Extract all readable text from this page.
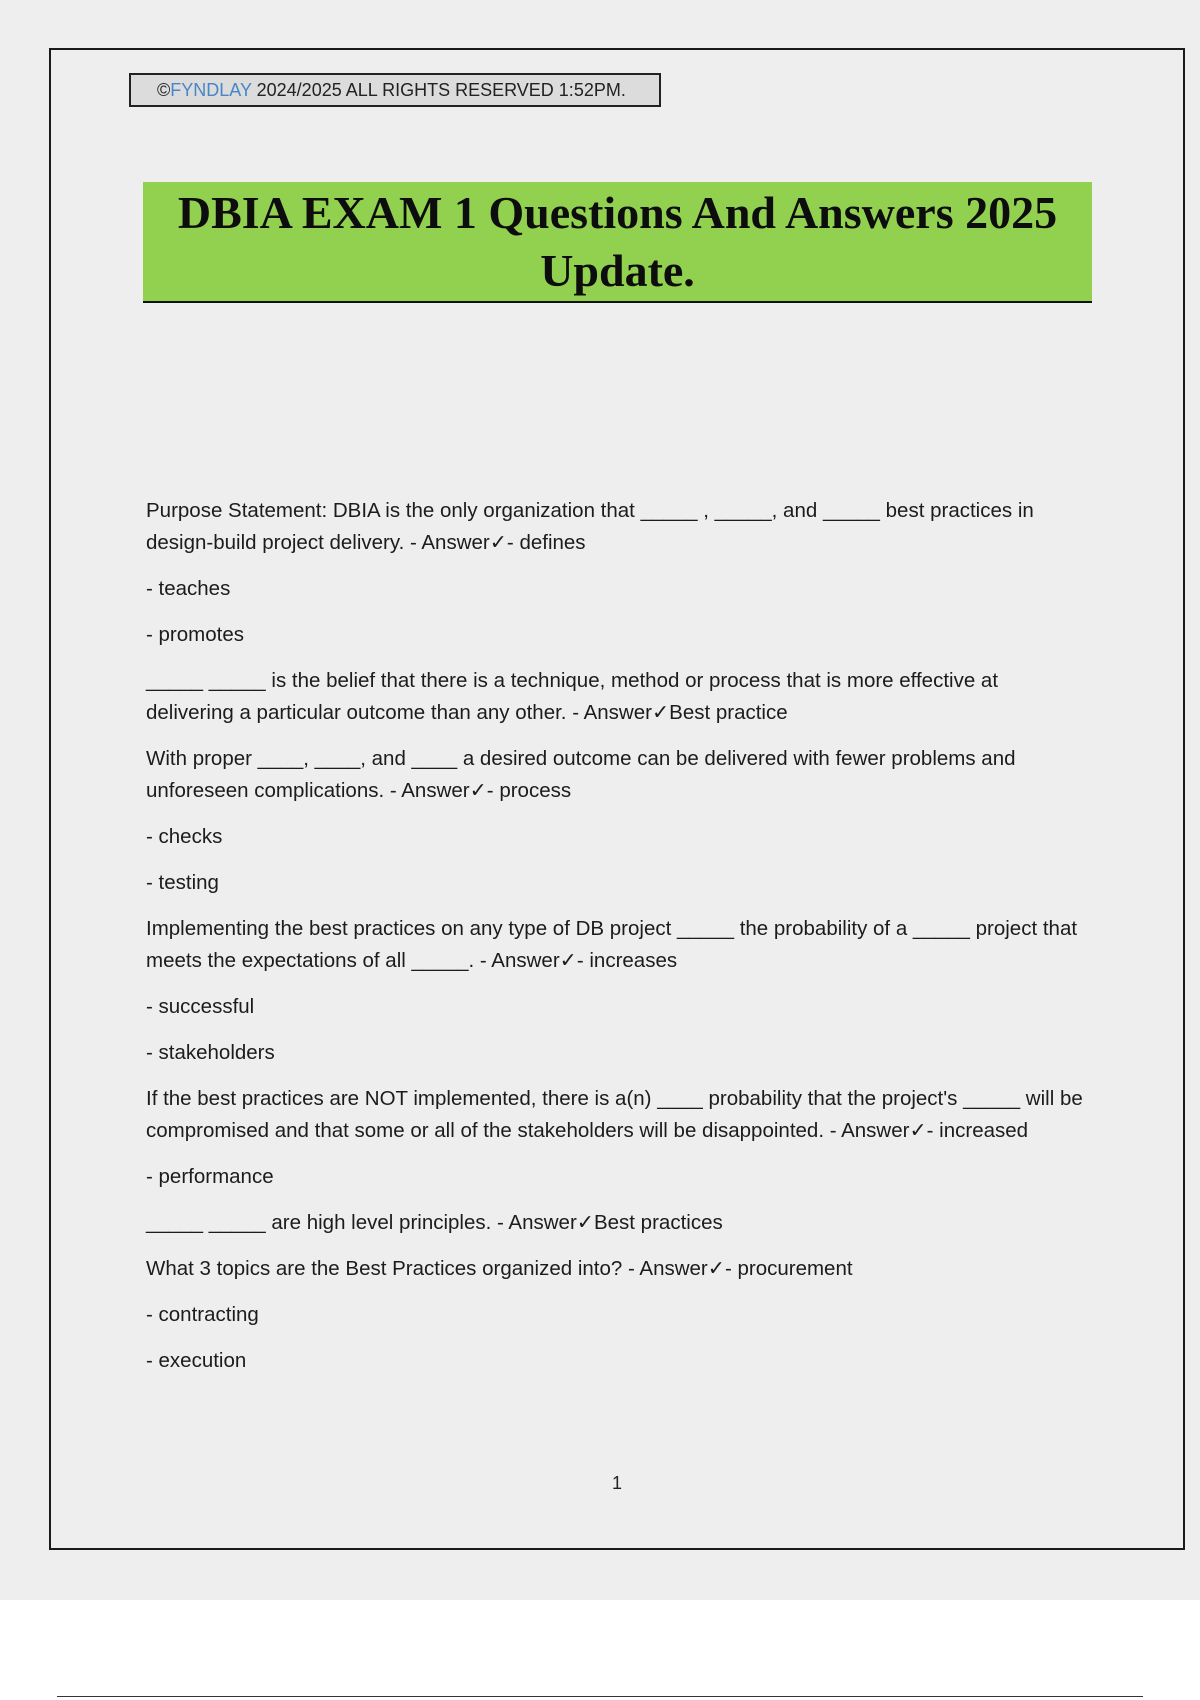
©FYNDLAY 2024/2025 ALL RIGHTS RESERVED 1:52PM.
DBIA EXAM 1 Questions And Answers 2025
Update.

Purpose Statement: DBIA is the only organization that _____ , _____, and _____ best practices in design-build project delivery. - Answer✓- defines

- teaches

- promotes

_____ _____ is the belief that there is a technique, method or process that is more effective at delivering a particular outcome than any other. - Answer✓Best practice

With proper ____, ____, and ____ a desired outcome can be delivered with fewer problems and unforeseen complications. - Answer✓- process

- checks

- testing

Implementing the best practices on any type of DB project _____ the probability of a _____ project that meets the expectations of all _____. - Answer✓- increases

- successful

- stakeholders

If the best practices are NOT implemented, there is a(n) ____ probability that the project's _____ will be compromised and that some or all of the stakeholders will be disappointed. - Answer✓- increased

- performance

_____ _____ are high level principles. - Answer✓Best practices

What 3 topics are the Best Practices organized into? - Answer✓- procurement

- contracting

- execution

1
